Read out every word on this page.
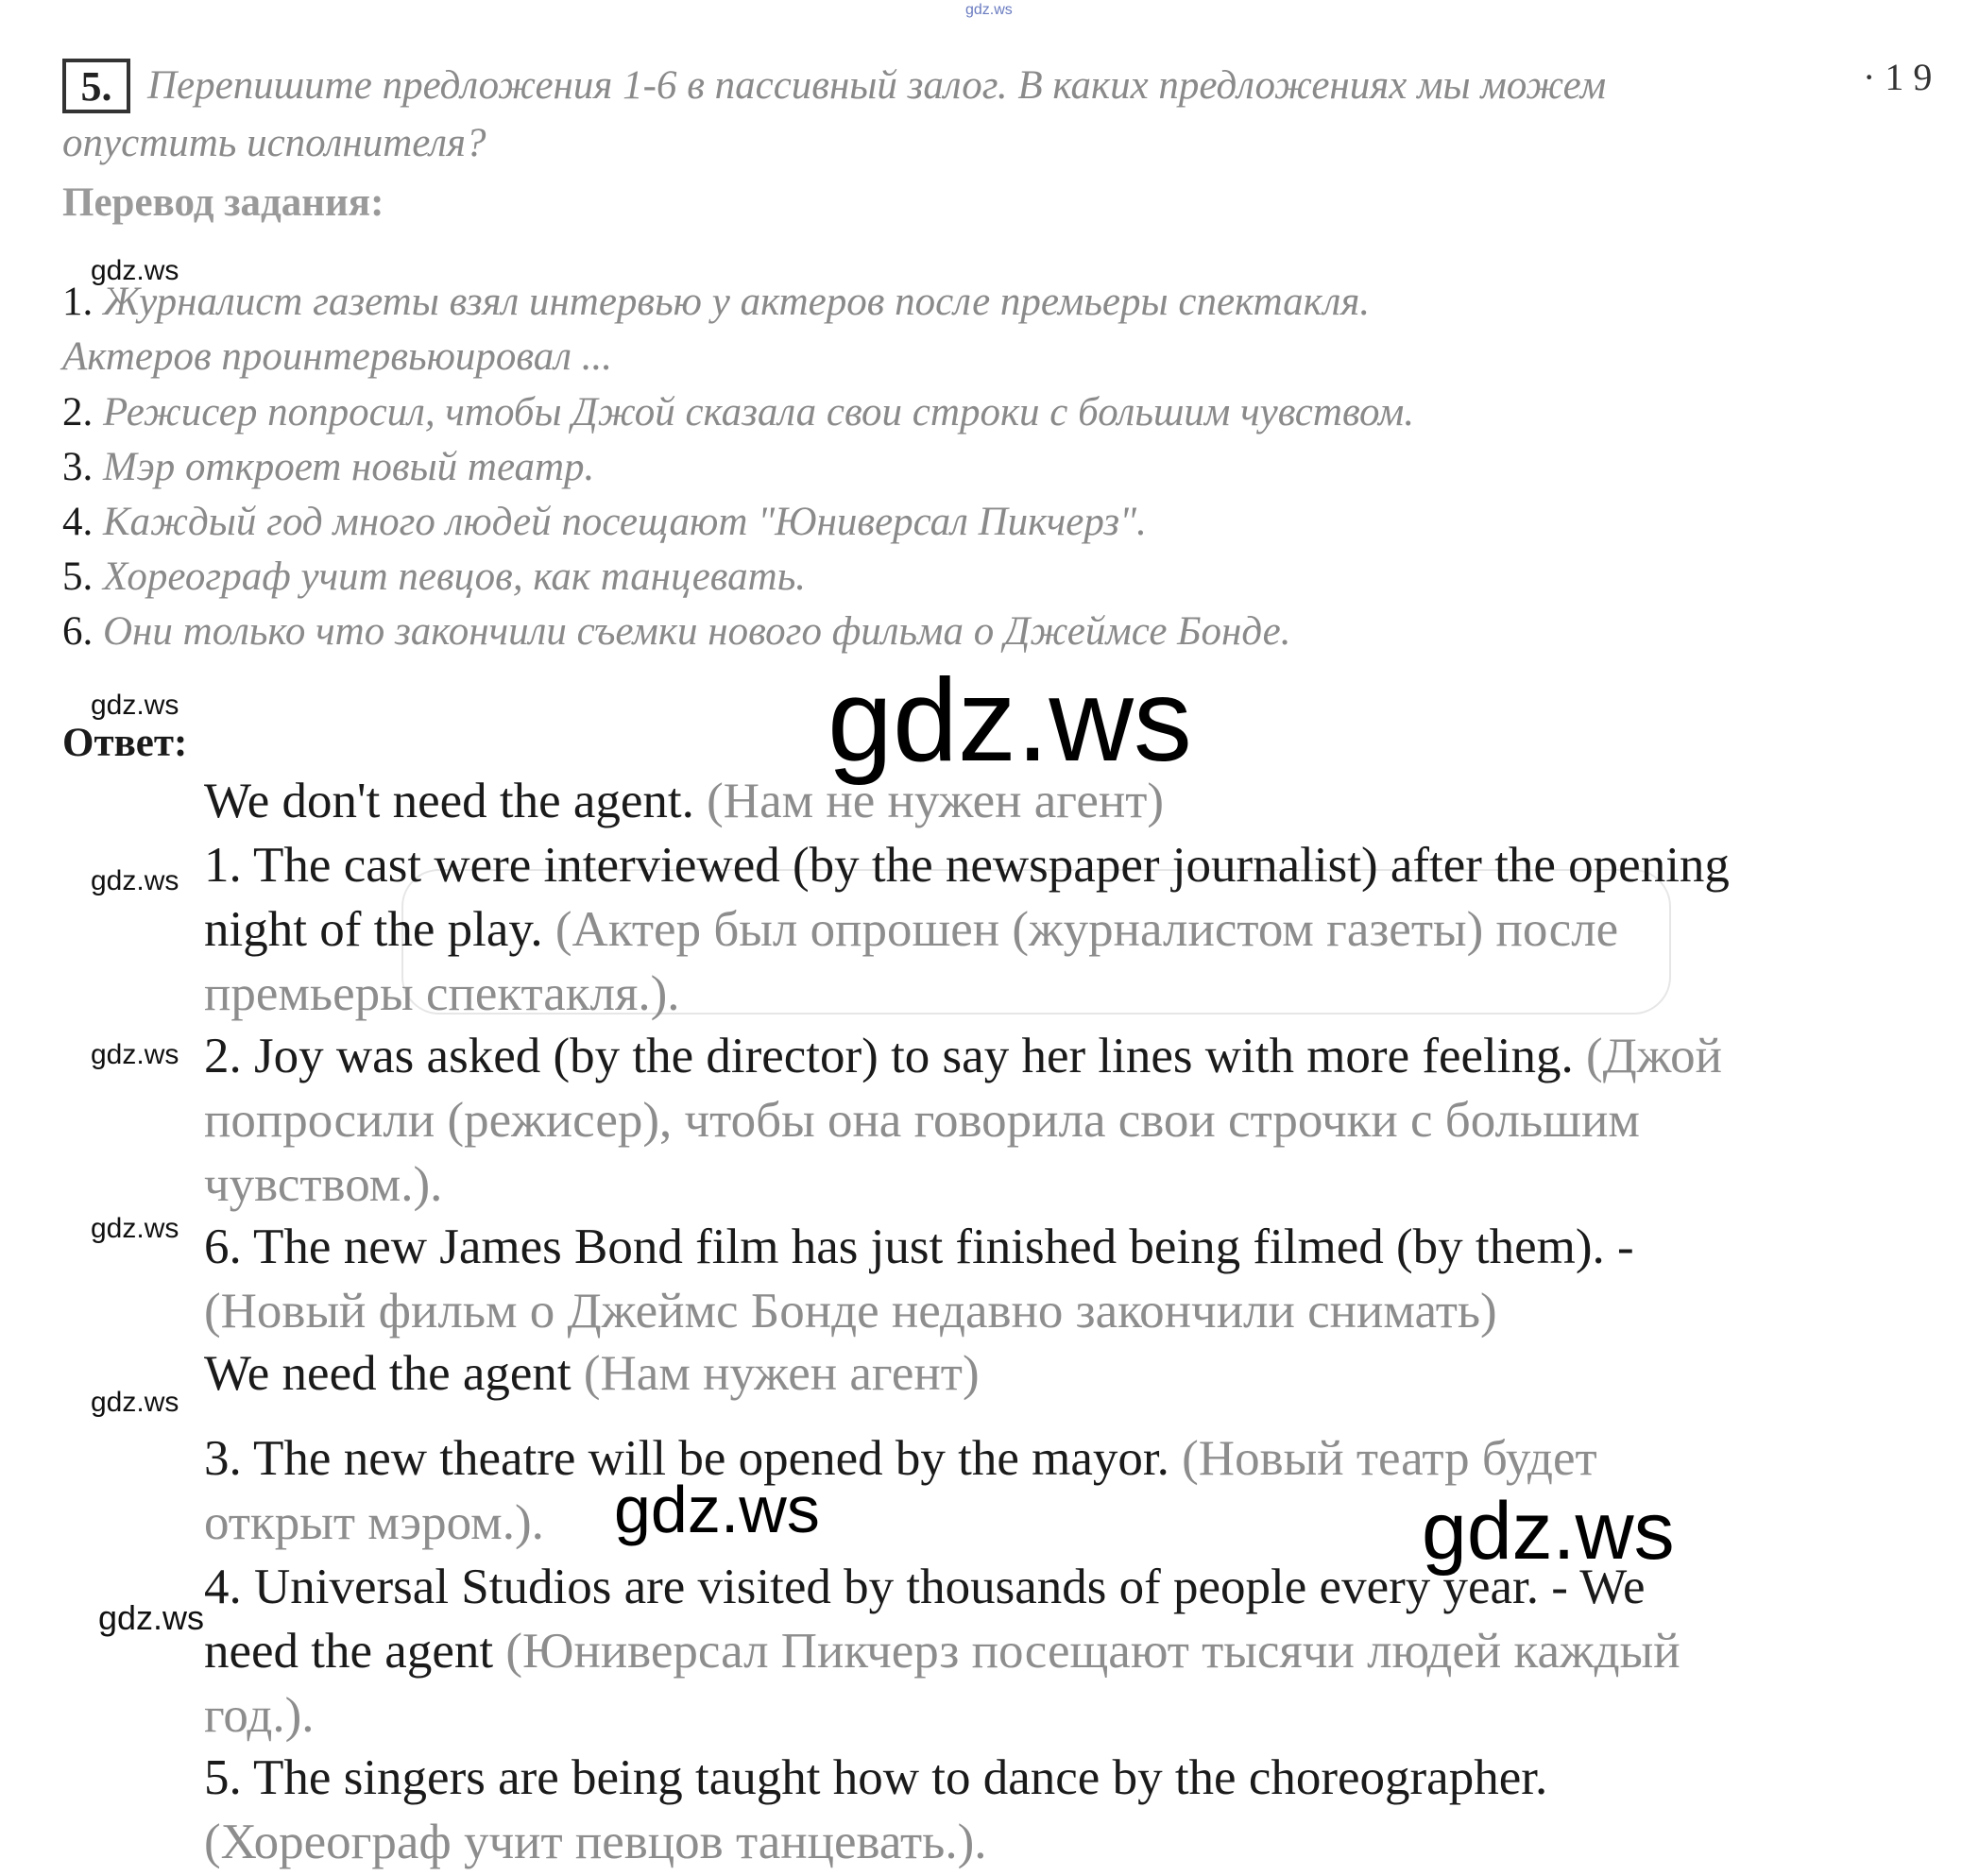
gdz.ws
5. Перепишите предложения 1-6 в пассивный залог. В каких предложениях мы можем	· 1 9
опустить исполнителя?
Перевод задания:
gdz.ws
1. Журналист газеты взял интервью у актеров после премьеры спектакля.
Актеров проинтервьюировал ...
2. Режисер попросил, чтобы Джой сказала свои строки с большим чувством.
3. Мэр откроет новый театр.
4. Каждый год много людей посещают "Юниверсал Пикчерз".
5. Хореограф учит певцов, как танцевать.
6. Они только что закончили съемки нового фильма о Джеймсе Бонде.
gdz.ws	gdz.ws
Ответ:
We don't need the agent. (Нам не нужен агент)
gdz.ws 1. The cast were interviewed (by the newspaper journalist) after the opening
night of the play. (Актер был опрошен (журналистом газеты) после
премьеры спектакля.).
gdz.ws 2. Joy was asked (by the director) to say her lines with more feeling. (Джой
попросили (режисер), чтобы она говорила свои строчки с большим
чувством.).
gdz.ws 6. The new James Bond film has just finished being filmed (by them). -
(Новый фильм о Джеймс Бонде недавно закончили снимать)
We need the agent (Нам нужен агент)
gdz.ws
3. The new theatre will be opened by the mayor. (Новый театр будет
открыт мэром.). gdz.ws	gdz.ws
4. Universal Studios are visited by thousands of people every year. - We
gdz.ws
need the agent (Юниверсал Пикчерз посещают тысячи людей каждый
год.).
5. The singers are being taught how to dance by the choreographer.
(Хореограф учит певцов танцевать.).
